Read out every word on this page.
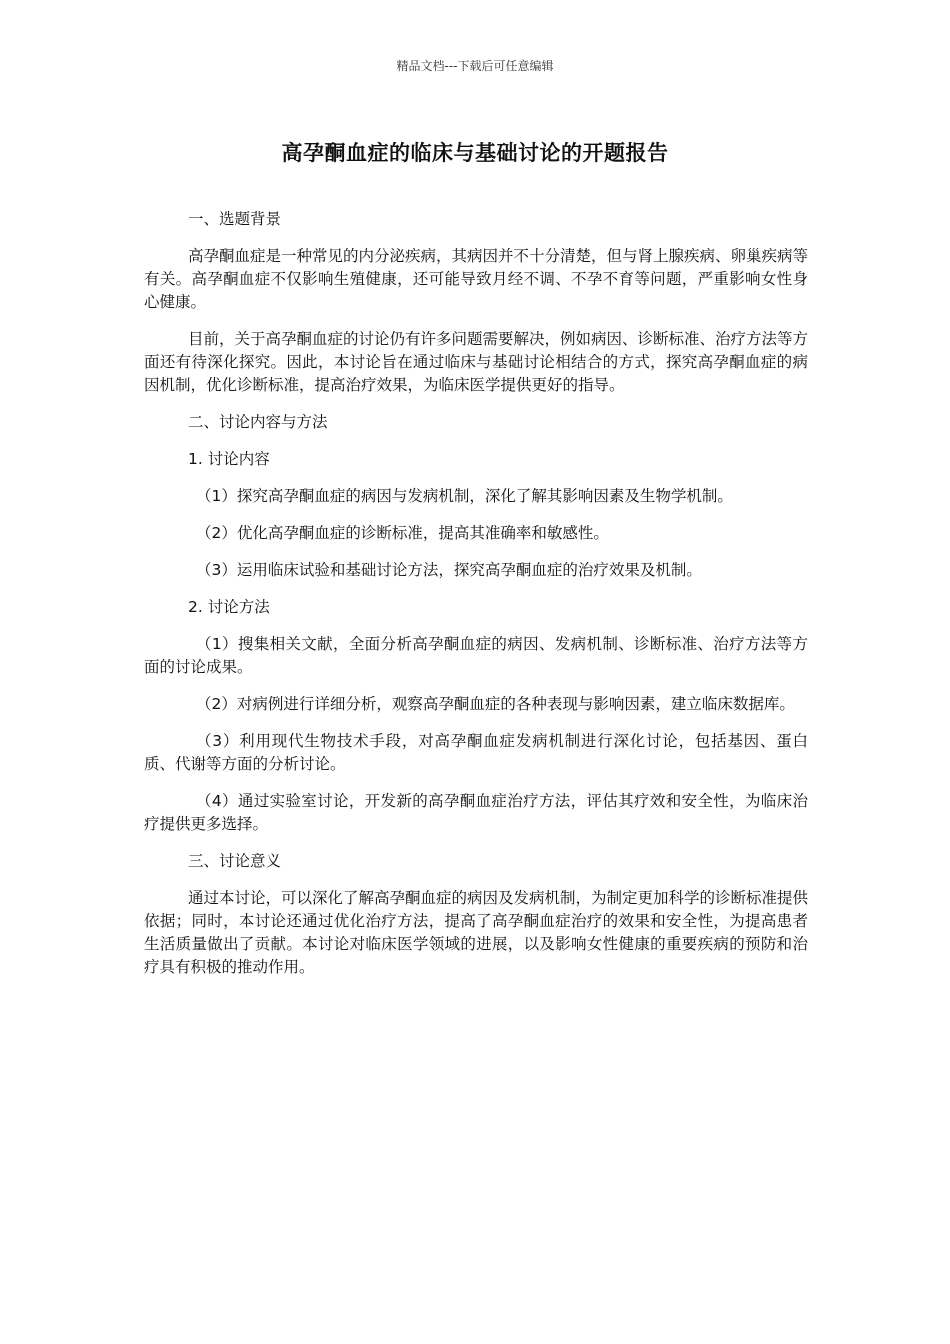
精品文档---下载后可任意编辑
高孕酮血症的临床与基础讨论的开题报告
一、选题背景
高孕酮血症是一种常见的内分泌疾病，其病因并不十分清楚，但与肾上腺疾病、卵巢疾病等有关。高孕酮血症不仅影响生殖健康，还可能导致月经不调、不孕不育等问题，严重影响女性身心健康。
目前，关于高孕酮血症的讨论仍有许多问题需要解决，例如病因、诊断标准、治疗方法等方面还有待深化探究。因此，本讨论旨在通过临床与基础讨论相结合的方式，探究高孕酮血症的病因机制，优化诊断标准，提高治疗效果，为临床医学提供更好的指导。
二、讨论内容与方法
1. 讨论内容
（1）探究高孕酮血症的病因与发病机制，深化了解其影响因素及生物学机制。
（2）优化高孕酮血症的诊断标准，提高其准确率和敏感性。
（3）运用临床试验和基础讨论方法，探究高孕酮血症的治疗效果及机制。
2. 讨论方法
（1）搜集相关文献，全面分析高孕酮血症的病因、发病机制、诊断标准、治疗方法等方面的讨论成果。
（2）对病例进行详细分析，观察高孕酮血症的各种表现与影响因素，建立临床数据库。
（3）利用现代生物技术手段，对高孕酮血症发病机制进行深化讨论，包括基因、蛋白质、代谢等方面的分析讨论。
（4）通过实验室讨论，开发新的高孕酮血症治疗方法，评估其疗效和安全性，为临床治疗提供更多选择。
三、讨论意义
通过本讨论，可以深化了解高孕酮血症的病因及发病机制，为制定更加科学的诊断标准提供依据；同时，本讨论还通过优化治疗方法，提高了高孕酮血症治疗的效果和安全性，为提高患者生活质量做出了贡献。本讨论对临床医学领域的进展，以及影响女性健康的重要疾病的预防和治疗具有积极的推动作用。
